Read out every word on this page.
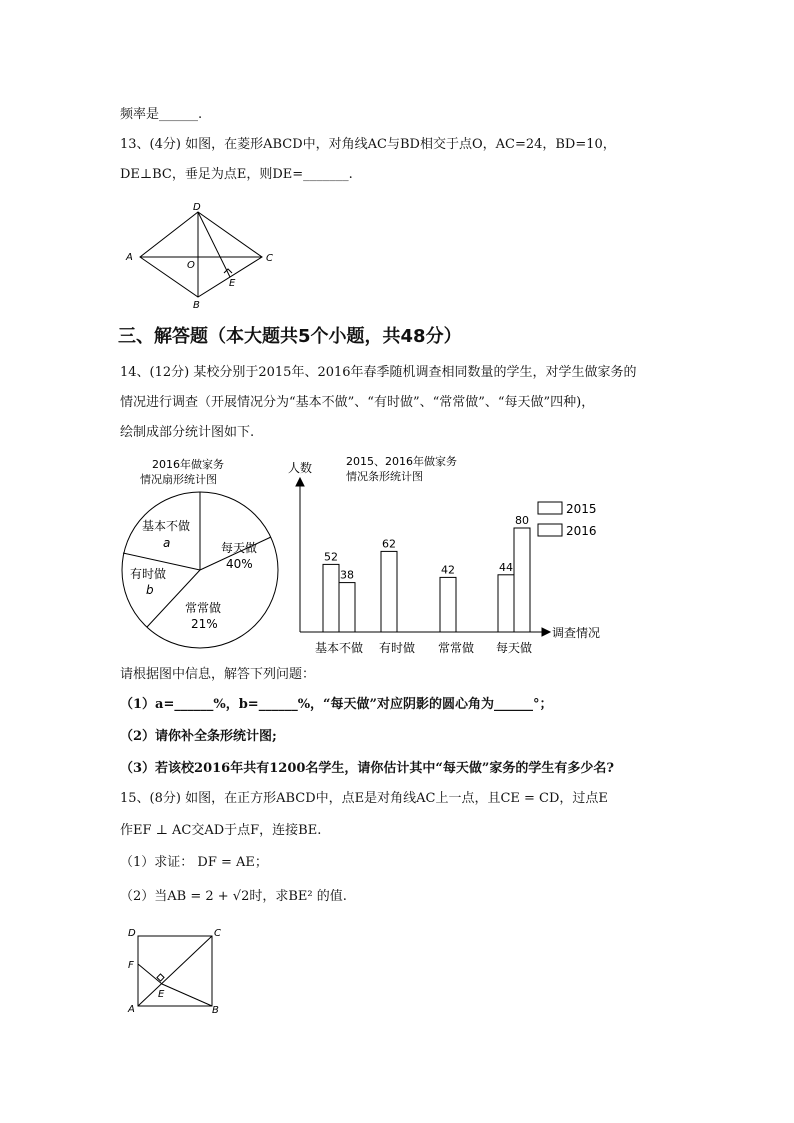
频率是______.
13、(4分) 如图，在菱形ABCD中，对角线AC与BD相交于点O，AC=24，BD=10，
DE⊥BC，垂足为点E，则DE=_______.
D
A	C
B
O
E
三、解答题（本大题共5个小题，共48分）
14、(12分) 某校分别于2015年、2016年春季随机调查相同数量的学生，对学生做家务的
情况进行调查（开展情况分为“基本不做”、“有时做”、“常常做”、“每天做”四种)，
绘制成部分统计图如下.
2016年做家务
情况扇形统计图
基本不做
a
有时做
b
常常做
21%
每天做
40%
2015、2016年做家务
情况条形统计图
人数
调查情况
52
38
62
42	44
80
基本不做 有时做 常常做 每天做
2015
2016
请根据图中信息，解答下列问题：
（1）a=______%，b=______%，“每天做”对应阴影的圆心角为______°；
（2）请你补全条形统计图;
（3）若该校2016年共有1200名学生，请你估计其中“每天做”家务的学生有多少名?
15、(8分) 如图，在正方形ABCD中，点E是对角线AC上一点，且CE = CD，过点E
作EF ⊥ AC交AD于点F，连接BE.
（1）求证： DF = AE；
（2）当AB = 2 + √2时，求BE² 的值.
D	C
F
E
A	B
